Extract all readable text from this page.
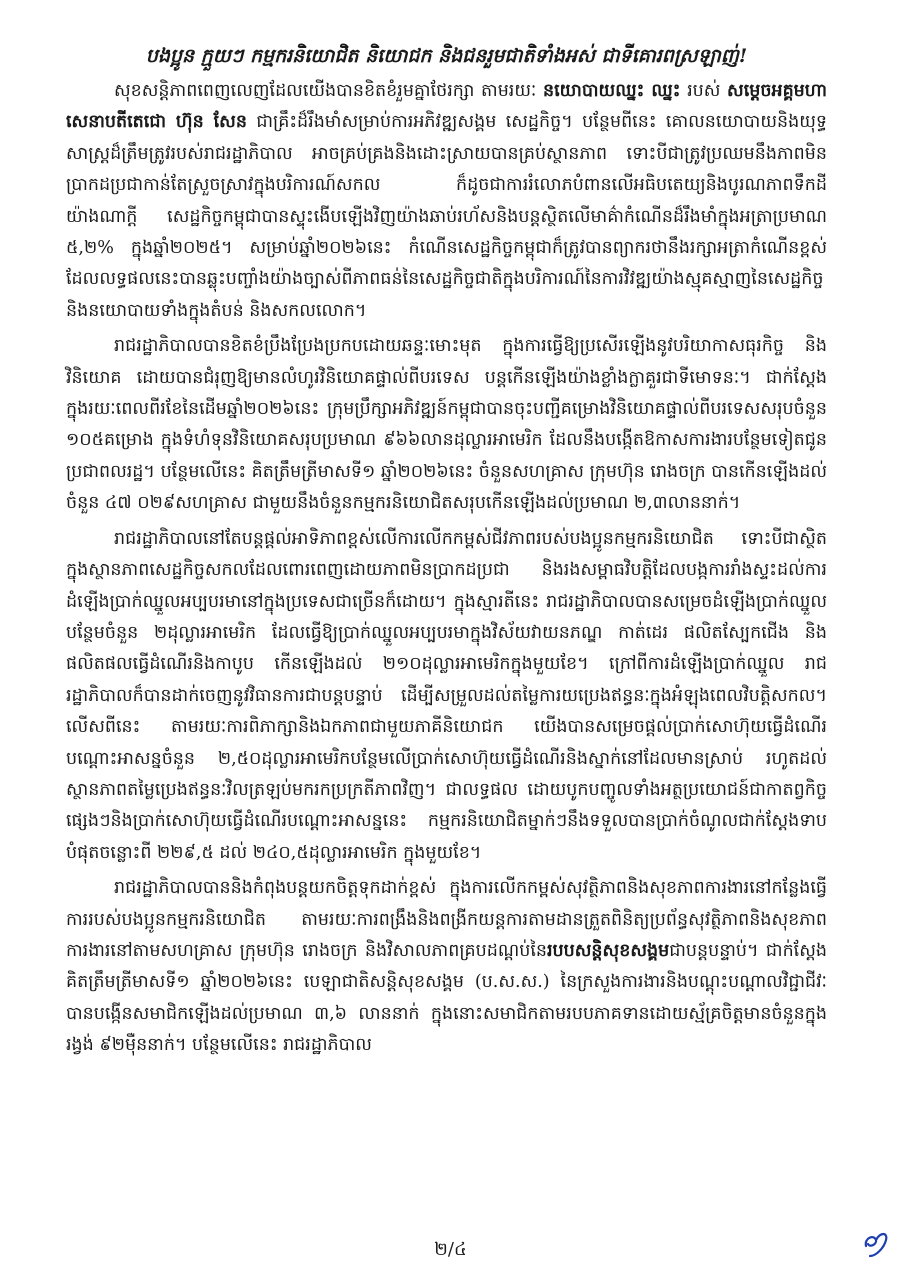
បងប្អូន ក្មួយៗ កម្មករនិយោជិត និយោជក និងជនរួមជាតិទាំងអស់ ជាទីគោរពស្រឡាញ់!

សុខសន្តិភាពពេញលេញដែលយើងបានខិតខំរួមគ្នាថែរក្សា តាមរយៈ នយោបាយឈ្នះ ឈ្នះ របស់ សម្តេចអគ្គមហាសេនាបតីតេជោ ហ៊ុន សែន ជាគ្រឹះដ៏រឹងមាំសម្រាប់ការអភិវឌ្ឍសង្គម សេដ្ឋកិច្ច។ បន្ថែមពីនេះ គោលនយោបាយនិងយុទ្ធសាស្ត្រដ៏ត្រឹមត្រូវរបស់រាជរដ្ឋាភិបាល អាចគ្រប់គ្រងនិងដោះស្រាយបានគ្រប់ស្ថានភាព ទោះបីជាត្រូវប្រឈមនឹងភាពមិនប្រាកដប្រជាកាន់តែស្រួចស្រាវក្នុងបរិការណ៍សកល ក៏ដូចជាការរំលោភបំពានលើអធិបតេយ្យនិងបូរណភាពទឹកដីយ៉ាងណាក្តី សេដ្ឋកិច្ចកម្ពុជាបានស្ទុះងើបឡើងវិញយ៉ាងឆាប់រហ័សនិងបន្តស្ថិតលើមាគ៌ាកំណើនដ៏រឹងមាំក្នុងអត្រាប្រមាណ ៥,២% ក្នុងឆ្នាំ២០២៥។ សម្រាប់ឆ្នាំ២០២៦នេះ កំណើនសេដ្ឋកិច្ចកម្ពុជាក៏ត្រូវបានព្យាករថានឹងរក្សាអត្រាកំណើនខ្ពស់ ដែលលទ្ធផលនេះបានឆ្លុះបញ្ចាំងយ៉ាងច្បាស់ពីភាពធន់នៃសេដ្ឋកិច្ចជាតិក្នុងបរិការណ៍នៃការវិវឌ្ឍយ៉ាងស្មុគស្មាញនៃសេដ្ឋកិច្ច និងនយោបាយទាំងក្នុងតំបន់ និងសកលលោក។

រាជរដ្ឋាភិបាលបានខិតខំប្រឹងប្រែងប្រកបដោយឆន្ទៈមោះមុត ក្នុងការធ្វើឱ្យប្រសើរឡើងនូវបរិយាកាសធុរកិច្ច និងវិនិយោគ ដោយបានជំរុញឱ្យមានលំហូរវិនិយោគផ្ទាល់ពីបរទេស បន្តកើនឡើងយ៉ាងខ្លាំងក្លាគួរជាទីមោទនៈ។ ជាក់ស្តែង ក្នុងរយៈពេលពីរខែនៃដើមឆ្នាំ២០២៦នេះ ក្រុមប្រឹក្សាអភិវឌ្ឍន៍កម្ពុជាបានចុះបញ្ជីគម្រោងវិនិយោគផ្ទាល់ពីបរទេសសរុបចំនួន ១០៥គម្រោង ក្នុងទំហំទុនវិនិយោគសរុបប្រមាណ ៩៦៦លានដុល្លារអាមេរិក ដែលនឹងបង្កើតឱកាសការងារបន្ថែមទៀតជូនប្រជាពលរដ្ឋ។ បន្ថែមលើនេះ គិតត្រឹមត្រីមាសទី១ ឆ្នាំ២០២៦នេះ ចំនួនសហគ្រាស ក្រុមហ៊ុន រោងចក្រ បានកើនឡើងដល់ចំនួន ៤៧ ០២៩សហគ្រាស ជាមួយនឹងចំនួនកម្មករនិយោជិតសរុបកើនឡើងដល់ប្រមាណ ២,៣លាននាក់។

រាជរដ្ឋាភិបាលនៅតែបន្តផ្តល់អាទិភាពខ្ពស់លើការលើកកម្ពស់ជីវភាពរបស់បងប្អូនកម្មករនិយោជិត ទោះបីជាស្ថិតក្នុងស្ថានភាពសេដ្ឋកិច្ចសកលដែលពោរពេញដោយភាពមិនប្រាកដប្រជា និងរងសម្ពាធវិបត្តិដែលបង្កការរាំងស្ទះដល់ការដំឡើងប្រាក់ឈ្នួលអប្បបរមានៅក្នុងប្រទេសជាច្រើនក៏ដោយ។ ក្នុងស្មារតីនេះ រាជរដ្ឋាភិបាលបានសម្រេចដំឡើងប្រាក់ឈ្នួលបន្ថែមចំនួន ២ដុល្លារអាមេរិក ដែលធ្វើឱ្យប្រាក់ឈ្នួលអប្បបរមាក្នុងវិស័យវាយនភណ្ឌ កាត់ដេរ ផលិតស្បែកជើង និងផលិតផលធ្វើដំណើរនិងកាបូប កើនឡើងដល់ ២១០ដុល្លារអាមេរិកក្នុងមួយខែ។ ក្រៅពីការដំឡើងប្រាក់ឈ្នួល រាជរដ្ឋាភិបាលក៏បានដាក់ចេញនូវវិធានការជាបន្តបន្ទាប់ ដើម្បីសម្រួលដល់តម្លៃការយប្រេងឥន្ធនៈក្នុងអំឡុងពេលវិបត្តិសកល។ លើសពីនេះ តាមរយៈការពិភាក្សានិងឯកភាពជាមួយភាគីនិយោជក យើងបានសម្រេចផ្តល់ប្រាក់សោហ៊ុយធ្វើដំណើរបណ្តោះអាសន្នចំនួន ២,៥០ដុល្លារអាមេរិកបន្ថែមលើប្រាក់សោហ៊ុយធ្វើដំណើរនិងស្នាក់នៅដែលមានស្រាប់ រហូតដល់ស្ថានភាពតម្លៃប្រេងឥន្ធនៈវិលត្រឡប់មករកប្រក្រតីភាពវិញ។ ជាលទ្ធផល ដោយបូកបញ្ចូលទាំងអត្ថប្រយោជន៍ជាកាតព្វកិច្ចផ្សេងៗនិងប្រាក់សោហ៊ុយធ្វើដំណើរបណ្តោះអាសន្ននេះ កម្មករនិយោជិតម្នាក់ៗនឹងទទួលបានប្រាក់ចំណូលជាក់ស្តែងទាបបំផុតចន្លោះពី ២២៩,៥ ដល់ ២៤០,៥ដុល្លារអាមេរិក ក្នុងមួយខែ។

រាជរដ្ឋាភិបាលបាននិងកំពុងបន្តយកចិត្តទុកដាក់ខ្ពស់ ក្នុងការលើកកម្ពស់សុវត្ថិភាពនិងសុខភាពការងារនៅកន្លែងធ្វើការរបស់បងប្អូនកម្មករនិយោជិត តាមរយៈការពង្រឹងនិងពង្រីកយន្តការតាមដានត្រួតពិនិត្យប្រព័ន្ធសុវត្ថិភាពនិងសុខភាពការងារនៅតាមសហគ្រាស ក្រុមហ៊ុន រោងចក្រ និងវិសាលភាពគ្របដណ្តប់នៃរបបសន្តិសុខសង្គមជាបន្តបន្ទាប់។ ជាក់ស្តែង គិតត្រឹមត្រីមាសទី១ ឆ្នាំ២០២៦នេះ បេឡាជាតិសន្តិសុខសង្គម (ប.ស.ស.) នៃក្រសួងការងារនិងបណ្តុះបណ្តាលវិជ្ជាជីវៈបានបង្កើនសមាជិកឡើងដល់ប្រមាណ ៣,៦ លាននាក់ ក្នុងនោះសមាជិកតាមរបបភាគទានដោយស្ម័គ្រចិត្តមានចំនួនក្នុងរង្វង់ ៩២ម៉ឺននាក់។ បន្ថែមលើនេះ រាជរដ្ឋាភិបាល

២/៤
